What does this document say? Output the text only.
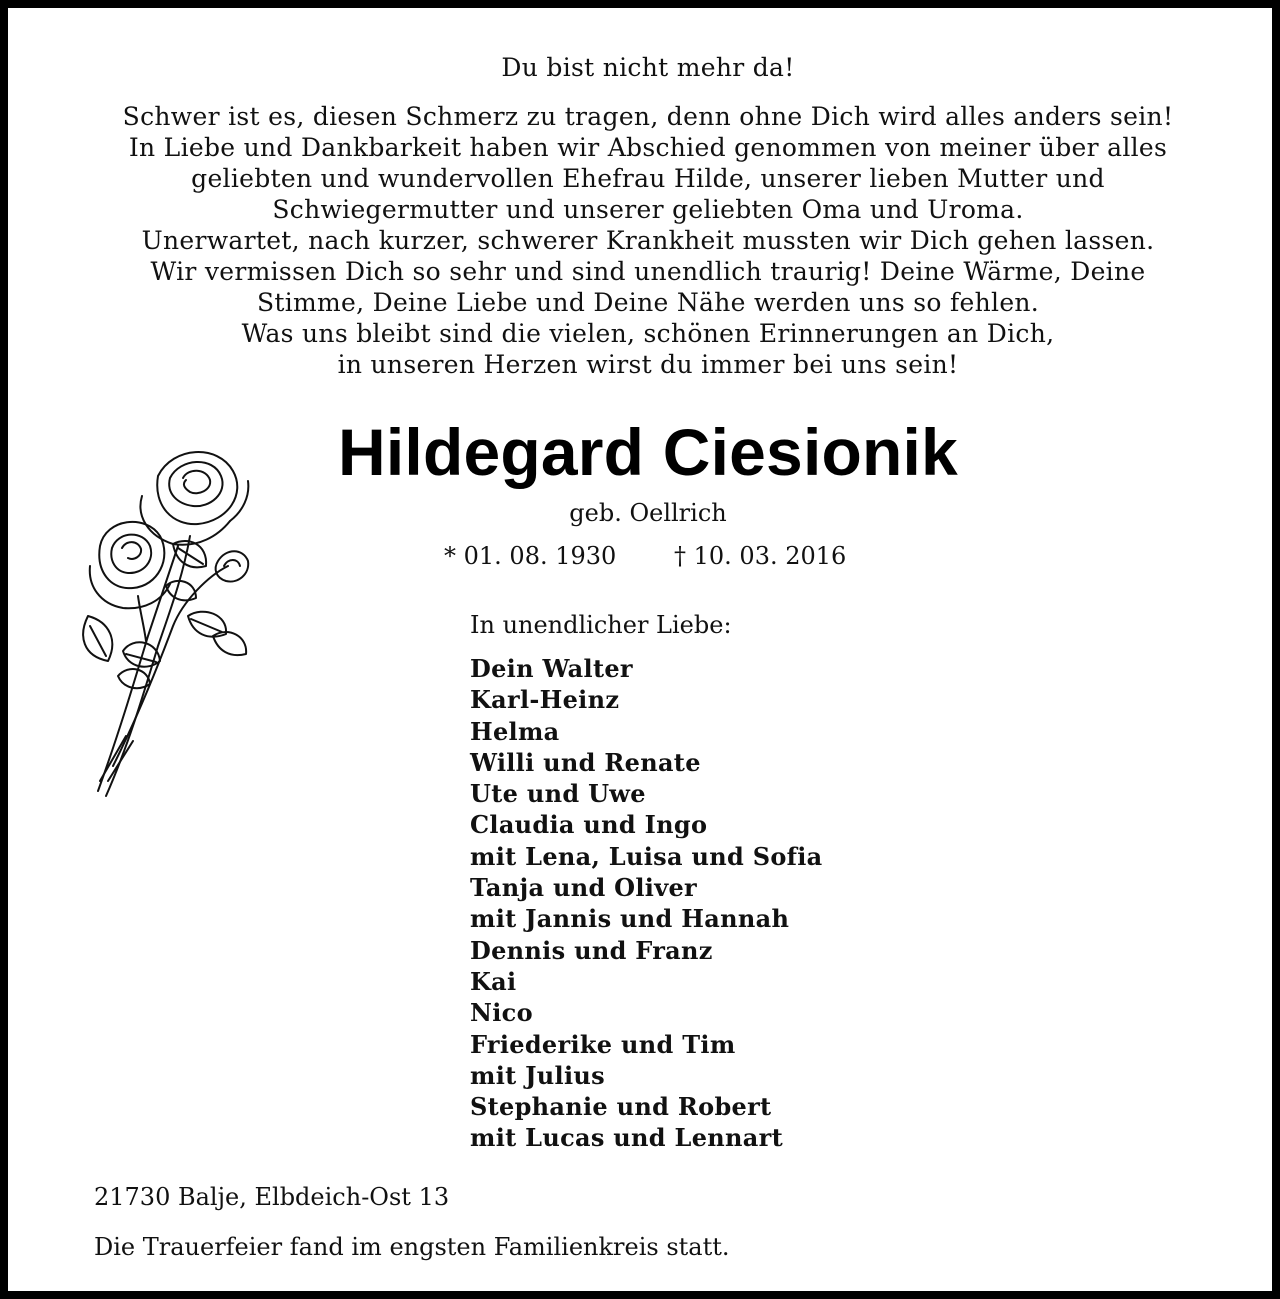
Du bist nicht mehr da!
Schwer ist es, diesen Schmerz zu tragen, denn ohne Dich wird alles anders sein!
In Liebe und Dankbarkeit haben wir Abschied genommen von meiner über alles
geliebten und wundervollen Ehefrau Hilde, unserer lieben Mutter und
Schwiegermutter und unserer geliebten Oma und Uroma.
Unerwartet, nach kurzer, schwerer Krankheit mussten wir Dich gehen lassen.
Wir vermissen Dich so sehr und sind unendlich traurig! Deine Wärme, Deine
Stimme, Deine Liebe und Deine Nähe werden uns so fehlen.
Was uns bleibt sind die vielen, schönen Erinnerungen an Dich,
in unseren Herzen wirst du immer bei uns sein!
Hildegard Ciesionik
geb. Oellrich
* 01. 08. 1930 † 10. 03. 2016
In unendlicher Liebe:
Dein Walter
Karl-Heinz
Helma
Willi und Renate
Ute und Uwe
Claudia und Ingo
mit Lena, Luisa und Sofia
Tanja und Oliver
mit Jannis und Hannah
Dennis und Franz
Kai
Nico
Friederike und Tim
mit Julius
Stephanie und Robert
mit Lucas und Lennart
21730 Balje, Elbdeich-Ost 13
Die Trauerfeier fand im engsten Familienkreis statt.
